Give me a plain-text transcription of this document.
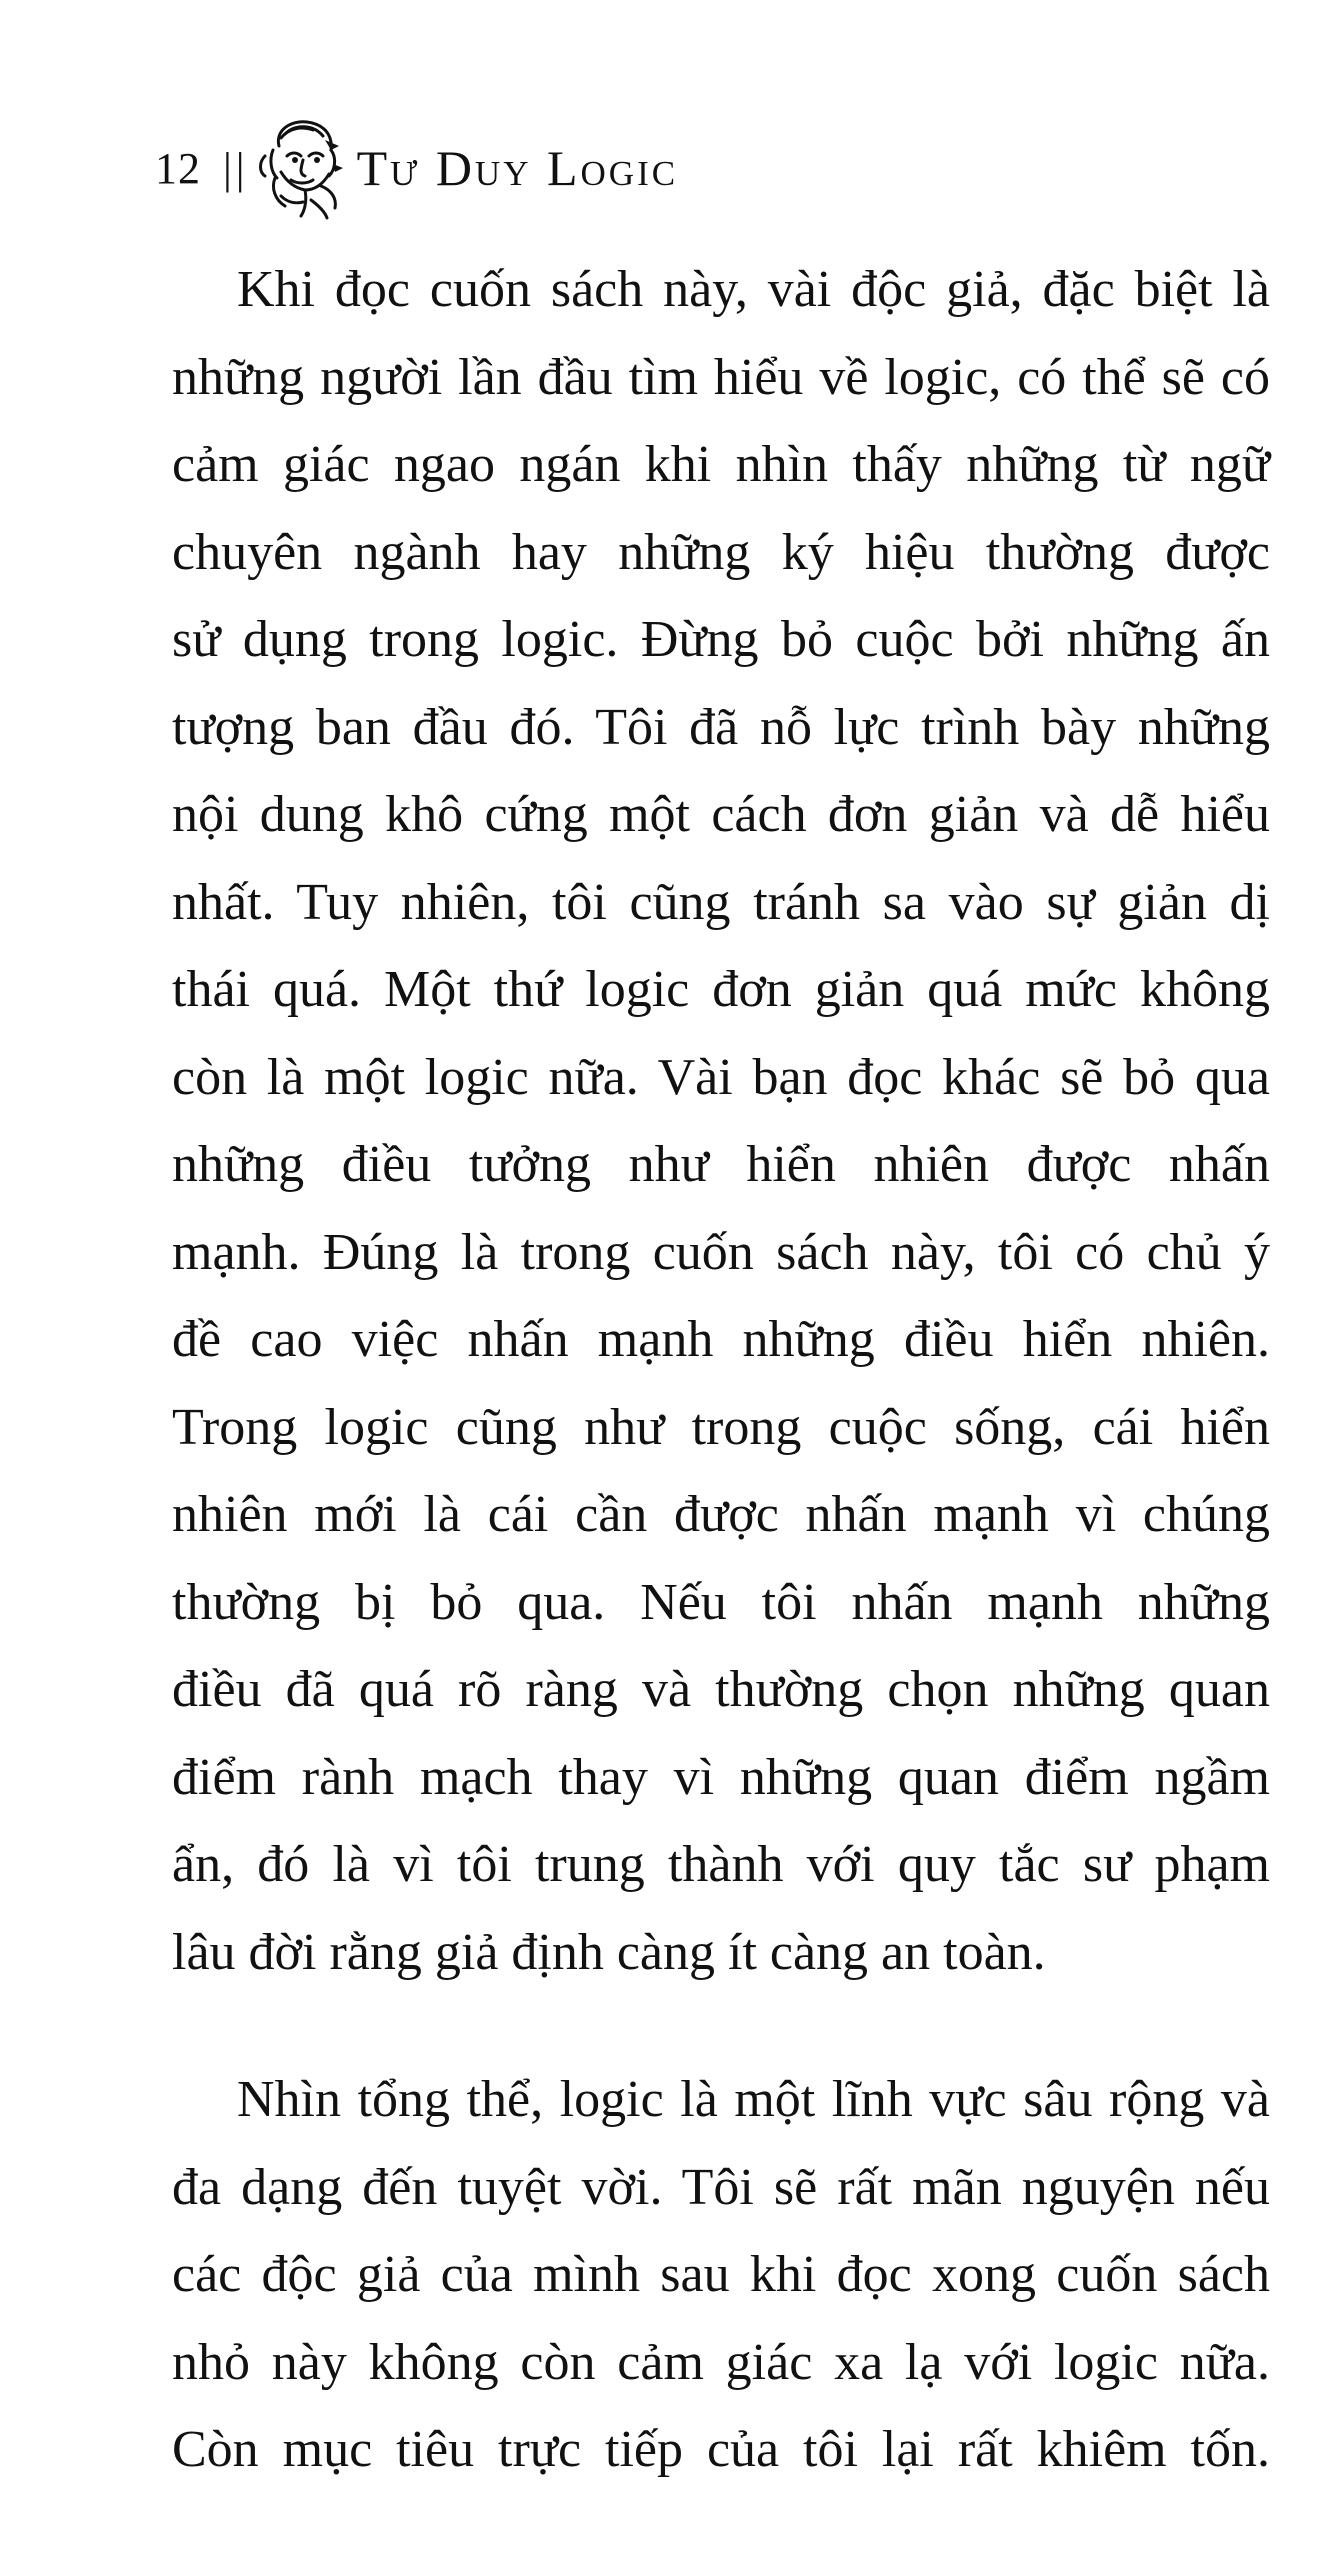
12 || Tư Duy Logic
Khi đọc cuốn sách này, vài độc giả, đặc biệt là
những người lần đầu tìm hiểu về logic, có thể sẽ có
cảm giác ngao ngán khi nhìn thấy những từ ngữ
chuyên ngành hay những ký hiệu thường được
sử dụng trong logic. Đừng bỏ cuộc bởi những ấn
tượng ban đầu đó. Tôi đã nỗ lực trình bày những
nội dung khô cứng một cách đơn giản và dễ hiểu
nhất. Tuy nhiên, tôi cũng tránh sa vào sự giản dị
thái quá. Một thứ logic đơn giản quá mức không
còn là một logic nữa. Vài bạn đọc khác sẽ bỏ qua
những điều tưởng như hiển nhiên được nhấn
mạnh. Đúng là trong cuốn sách này, tôi có chủ ý
đề cao việc nhấn mạnh những điều hiển nhiên.
Trong logic cũng như trong cuộc sống, cái hiển
nhiên mới là cái cần được nhấn mạnh vì chúng
thường bị bỏ qua. Nếu tôi nhấn mạnh những
điều đã quá rõ ràng và thường chọn những quan
điểm rành mạch thay vì những quan điểm ngầm
ẩn, đó là vì tôi trung thành với quy tắc sư phạm
lâu đời rằng giả định càng ít càng an toàn.
Nhìn tổng thể, logic là một lĩnh vực sâu rộng và
đa dạng đến tuyệt vời. Tôi sẽ rất mãn nguyện nếu
các độc giả của mình sau khi đọc xong cuốn sách
nhỏ này không còn cảm giác xa lạ với logic nữa.
Còn mục tiêu trực tiếp của tôi lại rất khiêm tốn.
